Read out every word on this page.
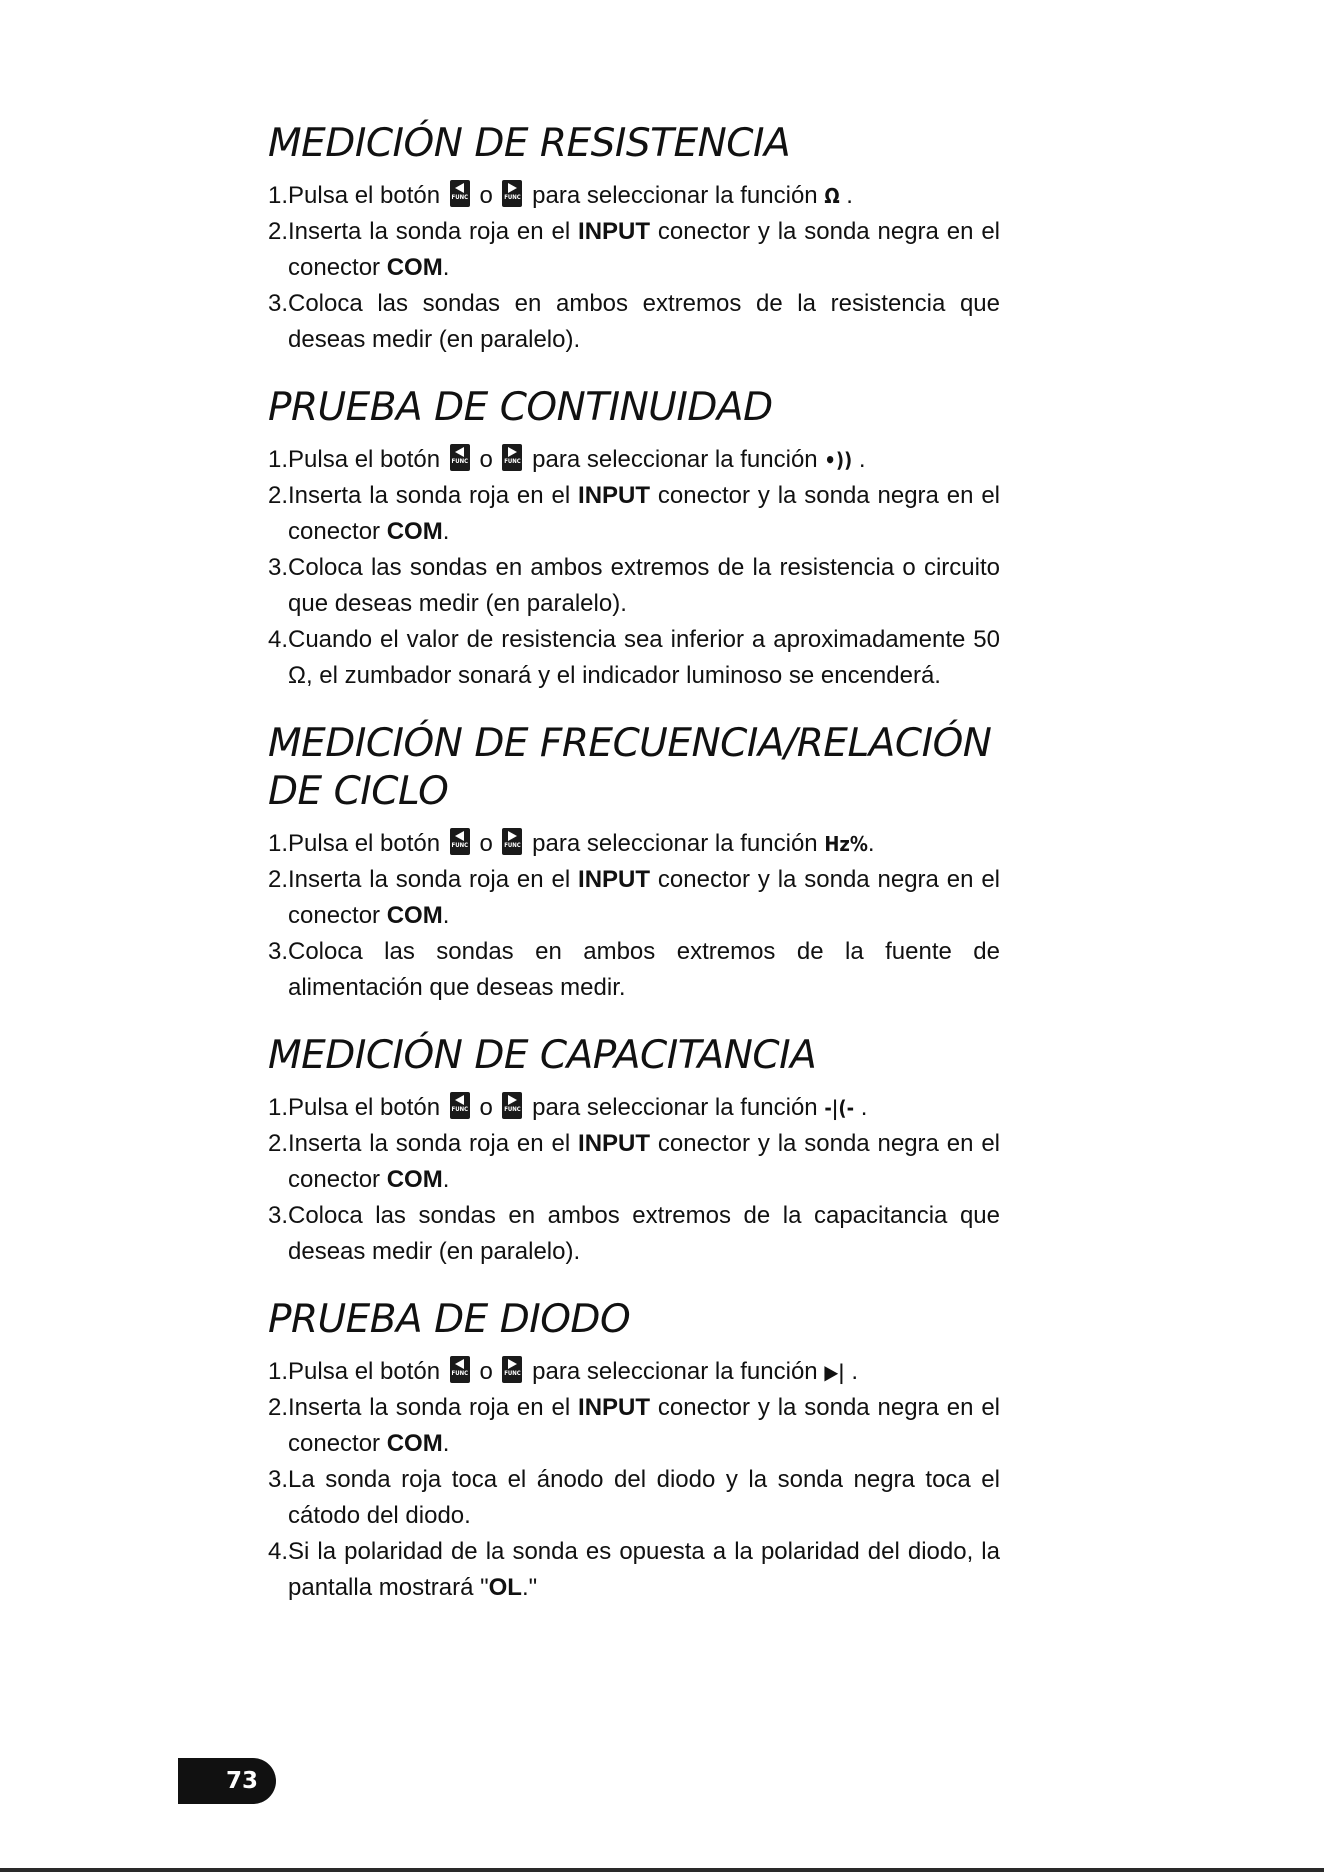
MEDICIÓN DE RESISTENCIA
1. Pulsa el botón FUNC o FUNC para seleccionar la función Ω .
2. Inserta la sonda roja en el INPUT conector y la sonda negra en el conector COM.
3. Coloca las sondas en ambos extremos de la resistencia que deseas medir (en paralelo).
PRUEBA DE CONTINUIDAD
1. Pulsa el botón FUNC o FUNC para seleccionar la función •)) .
2. Inserta la sonda roja en el INPUT conector y la sonda negra en el conector COM.
3. Coloca las sondas en ambos extremos de la resistencia o circuito que deseas medir (en paralelo).
4. Cuando el valor de resistencia sea inferior a aproximadamente 50 Ω, el zumbador sonará y el indicador luminoso se encenderá.
MEDICIÓN DE FRECUENCIA/RELACIÓN DE CICLO
1. Pulsa el botón FUNC o FUNC para seleccionar la función Hz%.
2. Inserta la sonda roja en el INPUT conector y la sonda negra en el conector COM.
3. Coloca las sondas en ambos extremos de la fuente de alimentación que deseas medir.
MEDICIÓN DE CAPACITANCIA
1. Pulsa el botón FUNC o FUNC para seleccionar la función -|(- .
2. Inserta la sonda roja en el INPUT conector y la sonda negra en el conector COM.
3. Coloca las sondas en ambos extremos de la capacitancia que deseas medir (en paralelo).
PRUEBA DE DIODO
1. Pulsa el botón FUNC o FUNC para seleccionar la función ▶| .
2. Inserta la sonda roja en el INPUT conector y la sonda negra en el conector COM.
3. La sonda roja toca el ánodo del diodo y la sonda negra toca el cátodo del diodo.
4. Si la polaridad de la sonda es opuesta a la polaridad del diodo, la pantalla mostrará "OL."
73
